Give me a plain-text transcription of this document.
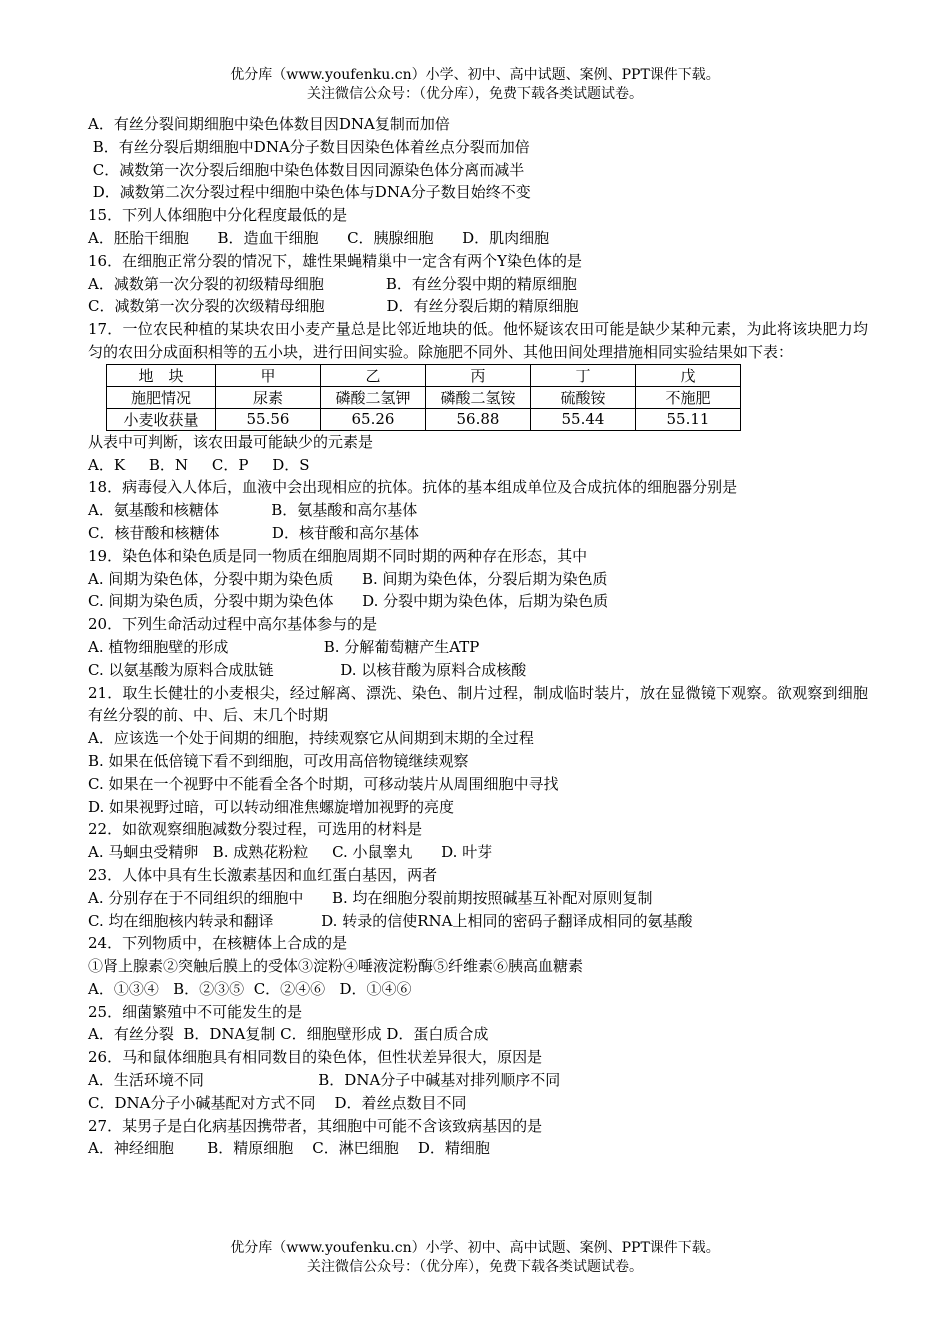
优分库（www.youfenku.cn）小学、初中、高中试题、案例、PPT课件下载。
关注微信公众号：（优分库），免费下载各类试题试卷。
A．有丝分裂间期细胞中染色体数目因DNA复制而加倍
B．有丝分裂后期细胞中DNA分子数目因染色体着丝点分裂而加倍
C．减数第一次分裂后细胞中染色体数目因同源染色体分离而减半
D．减数第二次分裂过程中细胞中染色体与DNA分子数目始终不变
15．下列人体细胞中分化程度最低的是
A．胚胎干细胞      B．造血干细胞      C．胰腺细胞      D．肌肉细胞
16．在细胞正常分裂的情况下，雄性果蝇精巢中一定含有两个Y染色体的是
A．减数第一次分裂的初级精母细胞             B．有丝分裂中期的精原细胞
C．减数第一次分裂的次级精母细胞             D．有丝分裂后期的精原细胞
17．一位农民种植的某块农田小麦产量总是比邻近地块的低。他怀疑该农田可能是缺少某种元素，为此将该块肥力均匀的农田分成面积相等的五小块，进行田间实验。除施肥不同外、其他田间处理措施相同实验结果如下表：
地　块	甲	乙	丙	丁	戊
施肥情况	尿素	磷酸二氢钾	磷酸二氢铵	硫酸铵	不施肥
小麦收获量	55.56	65.26	56.88	55.44	55.11
从表中可判断，该农田最可能缺少的元素是
A．K     B．N     C．P     D．S
18．病毒侵入人体后，血液中会出现相应的抗体。抗体的基本组成单位及合成抗体的细胞器分别是
A．氨基酸和核糖体           B．氨基酸和高尔基体
C．核苷酸和核糖体           D．核苷酸和高尔基体
19．染色体和染色质是同一物质在细胞周期不同时期的两种存在形态，其中
A. 间期为染色体，分裂中期为染色质      B. 间期为染色体，分裂后期为染色质
C. 间期为染色质，分裂中期为染色体      D. 分裂中期为染色体，后期为染色质
20．下列生命活动过程中高尔基体参与的是
A. 植物细胞壁的形成                    B. 分解葡萄糖产生ATP
C. 以氨基酸为原料合成肽链              D. 以核苷酸为原料合成核酸
21．取生长健壮的小麦根尖，经过解离、漂洗、染色、制片过程，制成临时装片，放在显微镜下观察。欲观察到细胞有丝分裂的前、中、后、末几个时期
A．应该选一个处于间期的细胞，持续观察它从间期到末期的全过程
B. 如果在低倍镜下看不到细胞，可改用高倍物镜继续观察
C. 如果在一个视野中不能看全各个时期，可移动装片从周围细胞中寻找
D. 如果视野过暗，可以转动细准焦螺旋增加视野的亮度
22．如欲观察细胞减数分裂过程，可选用的材料是
A. 马蛔虫受精卵   B. 成熟花粉粒     C. 小鼠睾丸      D. 叶芽
23．人体中具有生长激素基因和血红蛋白基因，两者
A. 分别存在于不同组织的细胞中      B. 均在细胞分裂前期按照碱基互补配对原则复制
C. 均在细胞核内转录和翻译          D. 转录的信使RNA上相同的密码子翻译成相同的氨基酸
24．下列物质中，在核糖体上合成的是
①肾上腺素②突触后膜上的受体③淀粉④唾液淀粉酶⑤纤维素⑥胰高血糖素
A．①③④   B．②③⑤  C．②④⑥   D．①④⑥
25．细菌繁殖中不可能发生的是
A．有丝分裂  B．DNA复制 C．细胞壁形成 D．蛋白质合成
26．马和鼠体细胞具有相同数目的染色体，但性状差异很大，原因是
A．生活环境不同                        B．DNA分子中碱基对排列顺序不同
C．DNA分子小碱基配对方式不同    D．着丝点数目不同
27．某男子是白化病基因携带者，其细胞中可能不含该致病基因的是
A．神经细胞       B．精原细胞    C．淋巴细胞    D．精细胞
优分库（www.youfenku.cn）小学、初中、高中试题、案例、PPT课件下载。
关注微信公众号：（优分库），免费下载各类试题试卷。
